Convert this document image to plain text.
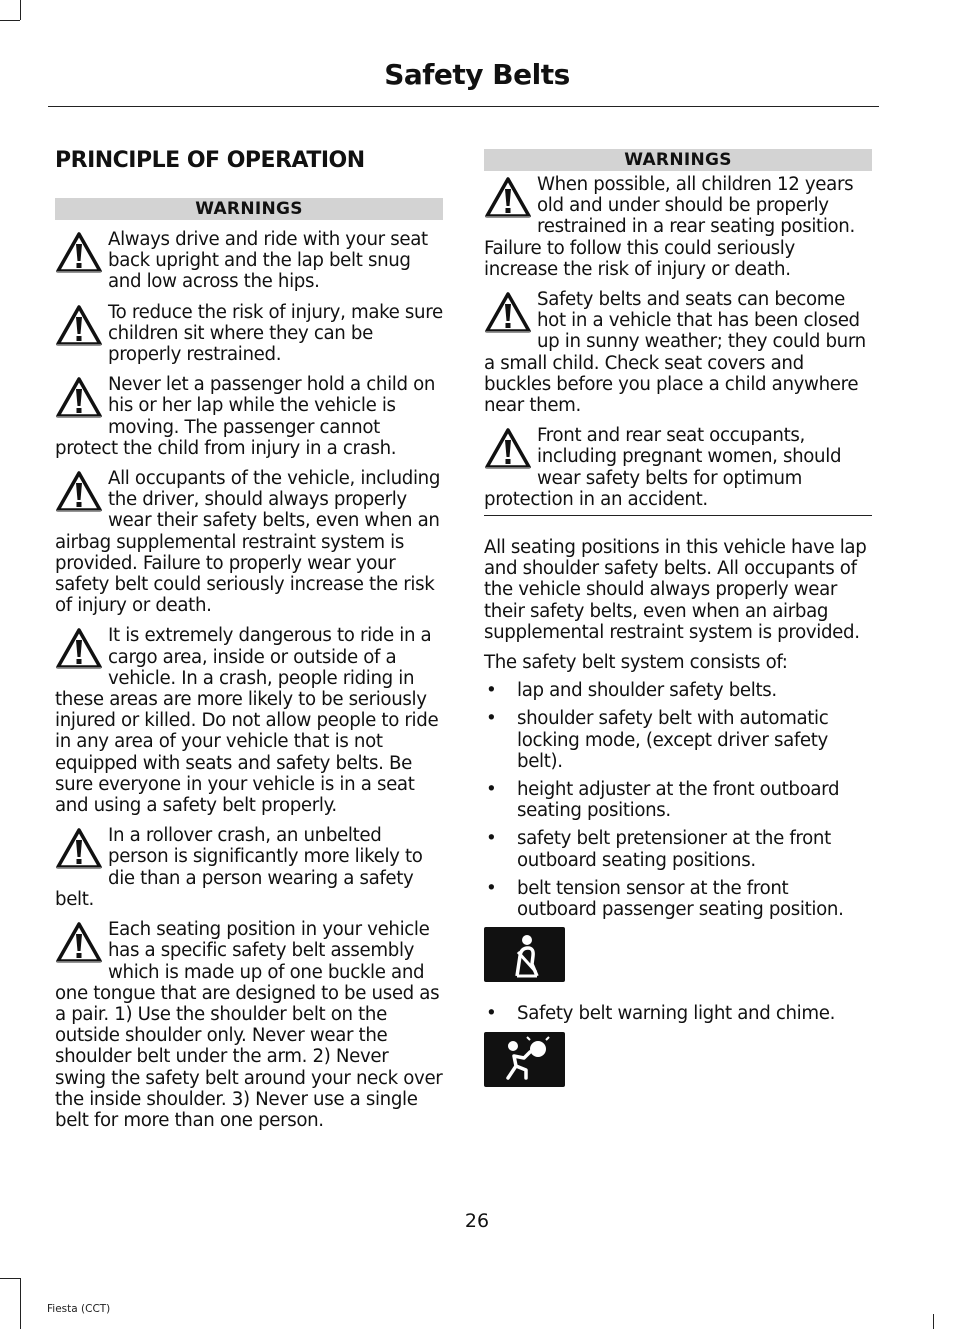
Safety Belts
PRINCIPLE OF OPERATION
WARNINGS

Always drive and ride with your seat back upright and the lap belt snug and low across the hips.

To reduce the risk of injury, make sure children sit where they can be properly restrained.

Never let a passenger hold a child on his or her lap while the vehicle is moving. The passenger cannot protect the child from injury in a crash.

All occupants of the vehicle, including the driver, should always properly wear their safety belts, even when an airbag supplemental restraint system is provided. Failure to properly wear your safety belt could seriously increase the risk of injury or death.

It is extremely dangerous to ride in a cargo area, inside or outside of a vehicle. In a crash, people riding in these areas are more likely to be seriously injured or killed. Do not allow people to ride in any area of your vehicle that is not equipped with seats and safety belts. Be sure everyone in your vehicle is in a seat and using a safety belt properly.

In a rollover crash, an unbelted person is significantly more likely to die than a person wearing a safety belt.

Each seating position in your vehicle has a specific safety belt assembly which is made up of one buckle and one tongue that are designed to be used as a pair. 1) Use the shoulder belt on the outside shoulder only. Never wear the shoulder belt under the arm. 2) Never swing the safety belt around your neck over the inside shoulder. 3) Never use a single belt for more than one person.

WARNINGS

When possible, all children 12 years old and under should be properly restrained in a rear seating position. Failure to follow this could seriously increase the risk of injury or death.

Safety belts and seats can become hot in a vehicle that has been closed up in sunny weather; they could burn a small child. Check seat covers and buckles before you place a child anywhere near them.

Front and rear seat occupants, including pregnant women, should wear safety belts for optimum protection in an accident.

All seating positions in this vehicle have lap and shoulder safety belts. All occupants of the vehicle should always properly wear their safety belts, even when an airbag supplemental restraint system is provided.

The safety belt system consists of:

• lap and shoulder safety belts.
• shoulder safety belt with automatic locking mode, (except driver safety belt).
• height adjuster at the front outboard seating positions.
• safety belt pretensioner at the front outboard seating positions.
• belt tension sensor at the front outboard passenger seating position.
• Safety belt warning light and chime.
26
Fiesta (CCT)
